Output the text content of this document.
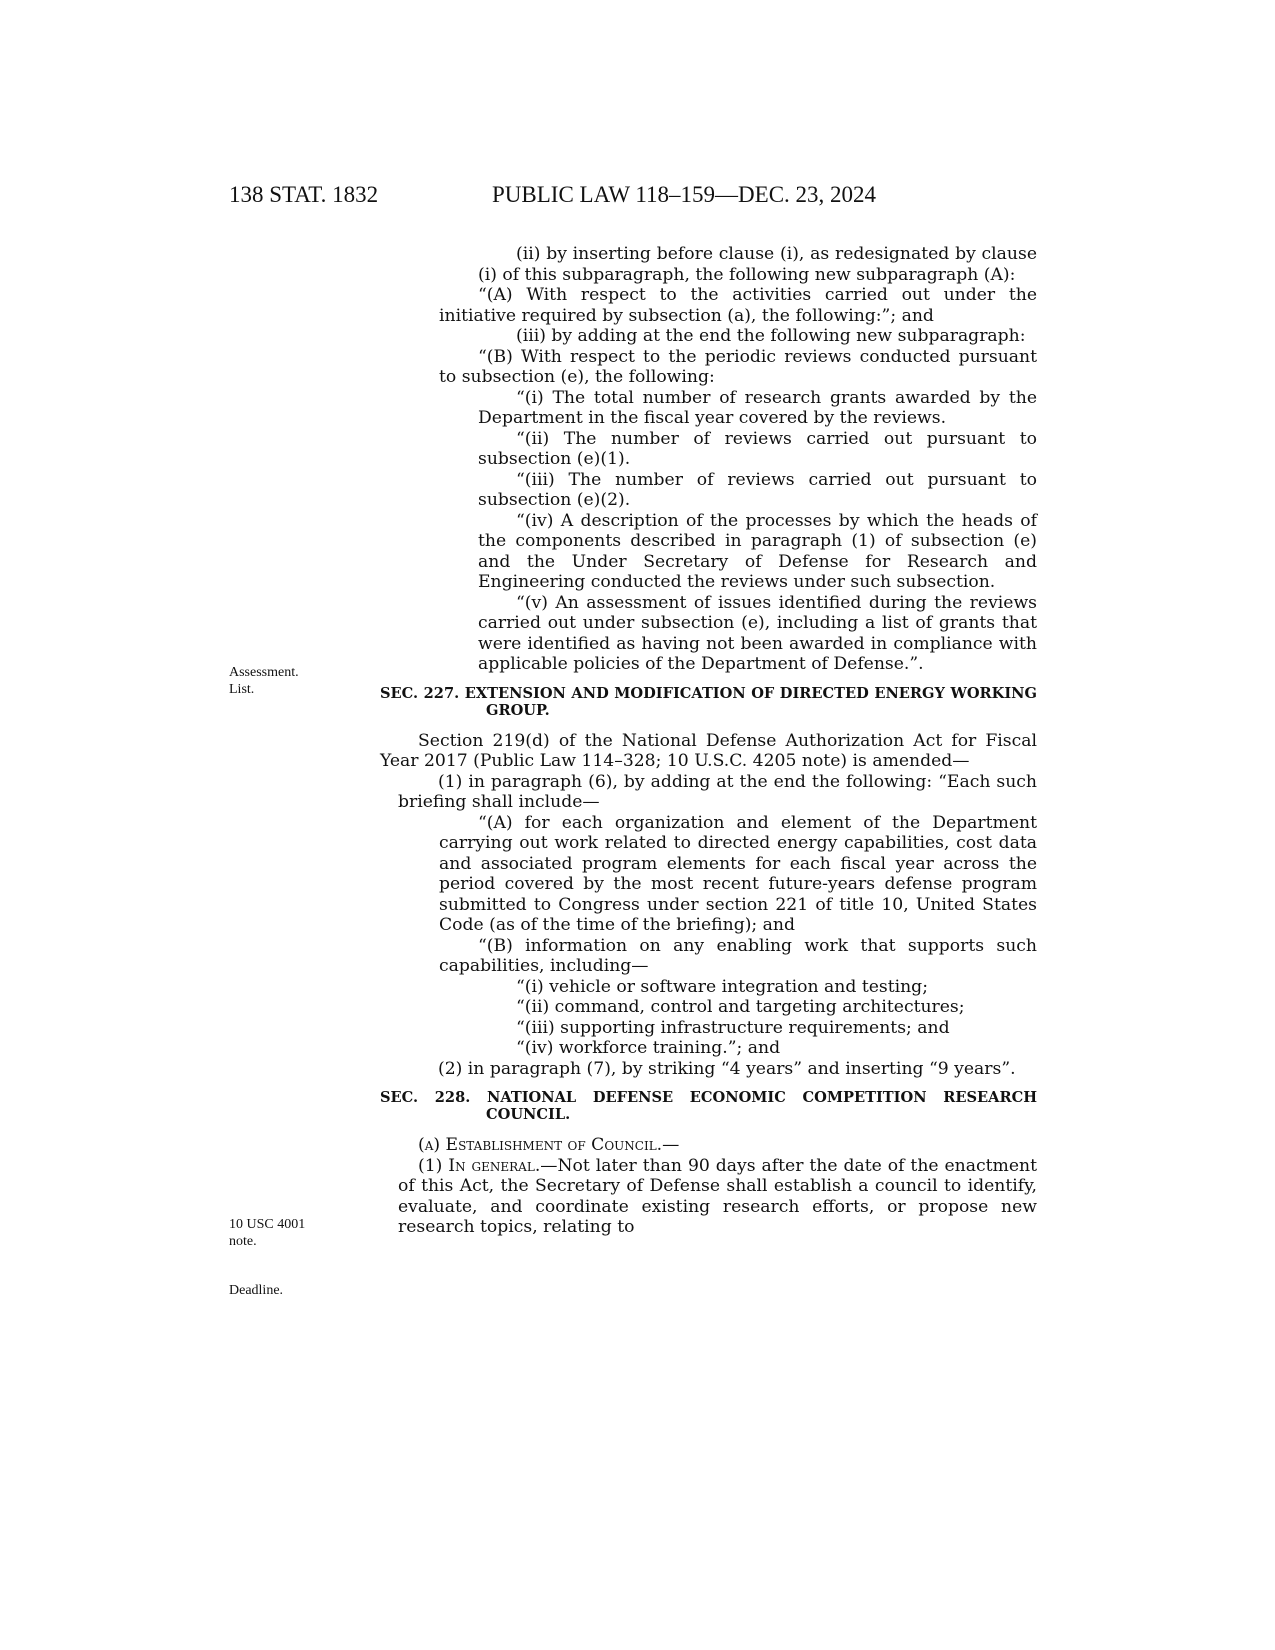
138 STAT. 1832	PUBLIC LAW 118–159—DEC. 23, 2024
Assessment.
List.
10 USC 4001
note.
Deadline.

(ii) by inserting before clause (i), as redesignated by clause (i) of this subparagraph, the following new subparagraph (A):

“(A) With respect to the activities carried out under the initiative required by subsection (a), the following:”; and

(iii) by adding at the end the following new subparagraph:

“(B) With respect to the periodic reviews conducted pursuant to subsection (e), the following:

“(i) The total number of research grants awarded by the Department in the fiscal year covered by the reviews.

“(ii) The number of reviews carried out pursuant to subsection (e)(1).

“(iii) The number of reviews carried out pursuant to subsection (e)(2).

“(iv) A description of the processes by which the heads of the components described in paragraph (1) of subsection (e) and the Under Secretary of Defense for Research and Engineering conducted the reviews under such subsection.

“(v) An assessment of issues identified during the reviews carried out under subsection (e), including a list of grants that were identified as having not been awarded in compliance with applicable policies of the Department of Defense.”.

SEC. 227. EXTENSION AND MODIFICATION OF DIRECTED ENERGY WORKING GROUP.

Section 219(d) of the National Defense Authorization Act for Fiscal Year 2017 (Public Law 114–328; 10 U.S.C. 4205 note) is amended—

(1) in paragraph (6), by adding at the end the following: “Each such briefing shall include—

“(A) for each organization and element of the Department carrying out work related to directed energy capabilities, cost data and associated program elements for each fiscal year across the period covered by the most recent future-years defense program submitted to Congress under section 221 of title 10, United States Code (as of the time of the briefing); and

“(B) information on any enabling work that supports such capabilities, including—

“(i) vehicle or software integration and testing;

“(ii) command, control and targeting architectures;

“(iii) supporting infrastructure requirements; and

“(iv) workforce training.”; and

(2) in paragraph (7), by striking “4 years” and inserting “9 years”.

SEC. 228. NATIONAL DEFENSE ECONOMIC COMPETITION RESEARCH COUNCIL.

(a) Establishment of Council.—

(1) In general.—Not later than 90 days after the date of the enactment of this Act, the Secretary of Defense shall establish a council to identify, evaluate, and coordinate existing research efforts, or propose new research topics, relating to
